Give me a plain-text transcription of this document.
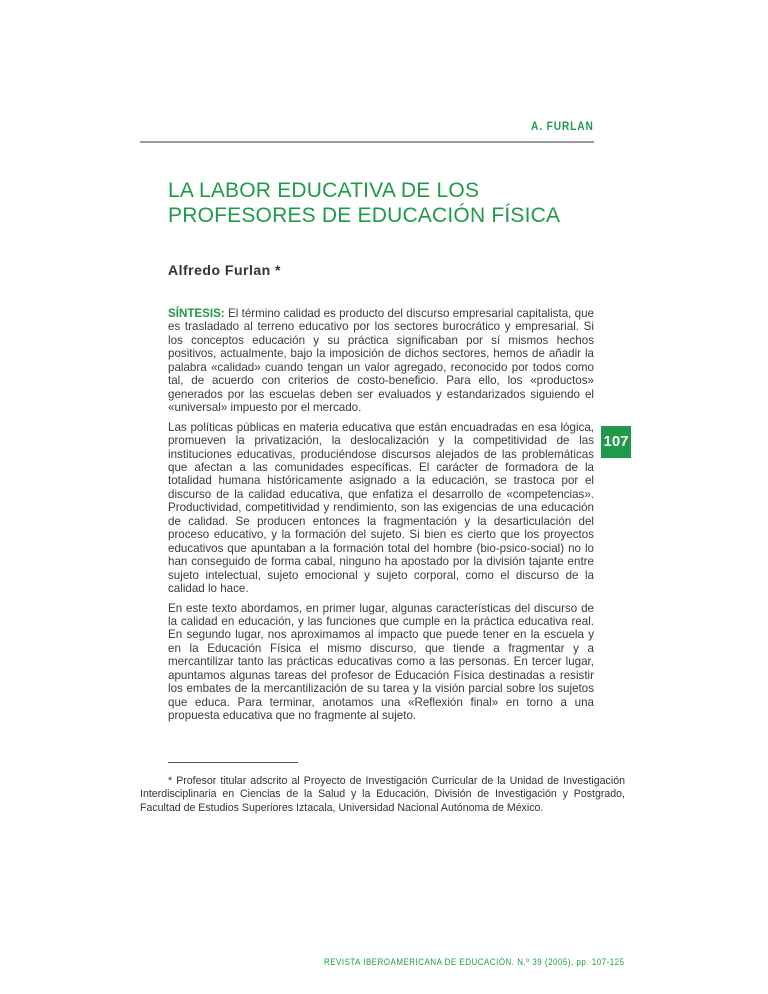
A. FURLAN
LA LABOR EDUCATIVA DE LOS PROFESORES DE EDUCACIÓN FÍSICA
Alfredo Furlan *

SÍNTESIS: El término calidad es producto del discurso empresarial capitalista, que es trasladado al terreno educativo por los sectores burocrático y empresarial. Si los conceptos educación y su práctica significaban por sí mismos hechos positivos, actualmente, bajo la imposición de dichos sectores, hemos de añadir la palabra «calidad» cuando tengan un valor agregado, reconocido por todos como tal, de acuerdo con criterios de costo-beneficio. Para ello, los «productos» generados por las escuelas deben ser evaluados y estandarizados siguiendo el «universal» impuesto por el mercado.

Las políticas públicas en materia educativa que están encuadradas en esa lógica, promueven la privatización, la deslocalización y la competitividad de las instituciones educativas, produciéndose discursos alejados de las problemáticas que afectan a las comunidades específicas. El carácter de formadora de la totalidad humana históricamente asignado a la educación, se trastoca por el discurso de la calidad educativa, que enfatiza el desarrollo de «competencias». Productividad, competitividad y rendimiento, son las exigencias de una educación de calidad. Se producen entonces la fragmentación y la desarticulación del proceso educativo, y la formación del sujeto. Si bien es cierto que los proyectos educativos que apuntaban a la formación total del hombre (bio-psico-social) no lo han conseguido de forma cabal, ninguno ha apostado por la división tajante entre sujeto intelectual, sujeto emocional y sujeto corporal, como el discurso de la calidad lo hace.

En este texto abordamos, en primer lugar, algunas características del discurso de la calidad en educación, y las funciones que cumple en la práctica educativa real. En segundo lugar, nos aproximamos al impacto que puede tener en la escuela y en la Educación Física el mismo discurso, que tiende a fragmentar y a mercantilizar tanto las prácticas educativas como a las personas. En tercer lugar, apuntamos algunas tareas del profesor de Educación Física destinadas a resistir los embates de la mercantilización de su tarea y la visión parcial sobre los sujetos que educa. Para terminar, anotamos una «Reflexión final» en torno a una propuesta educativa que no fragmente al sujeto.

107
* Profesor titular adscrito al Proyecto de Investigación Curricular de la Unidad de Investigación Interdisciplinaria en Ciencias de la Salud y la Educación, División de Investigación y Postgrado, Facultad de Estudios Superiores Iztacala, Universidad Nacional Autónoma de México.
REVISTA IBEROAMERICANA DE EDUCACIÓN. N.º 39 (2005), pp. 107-125
